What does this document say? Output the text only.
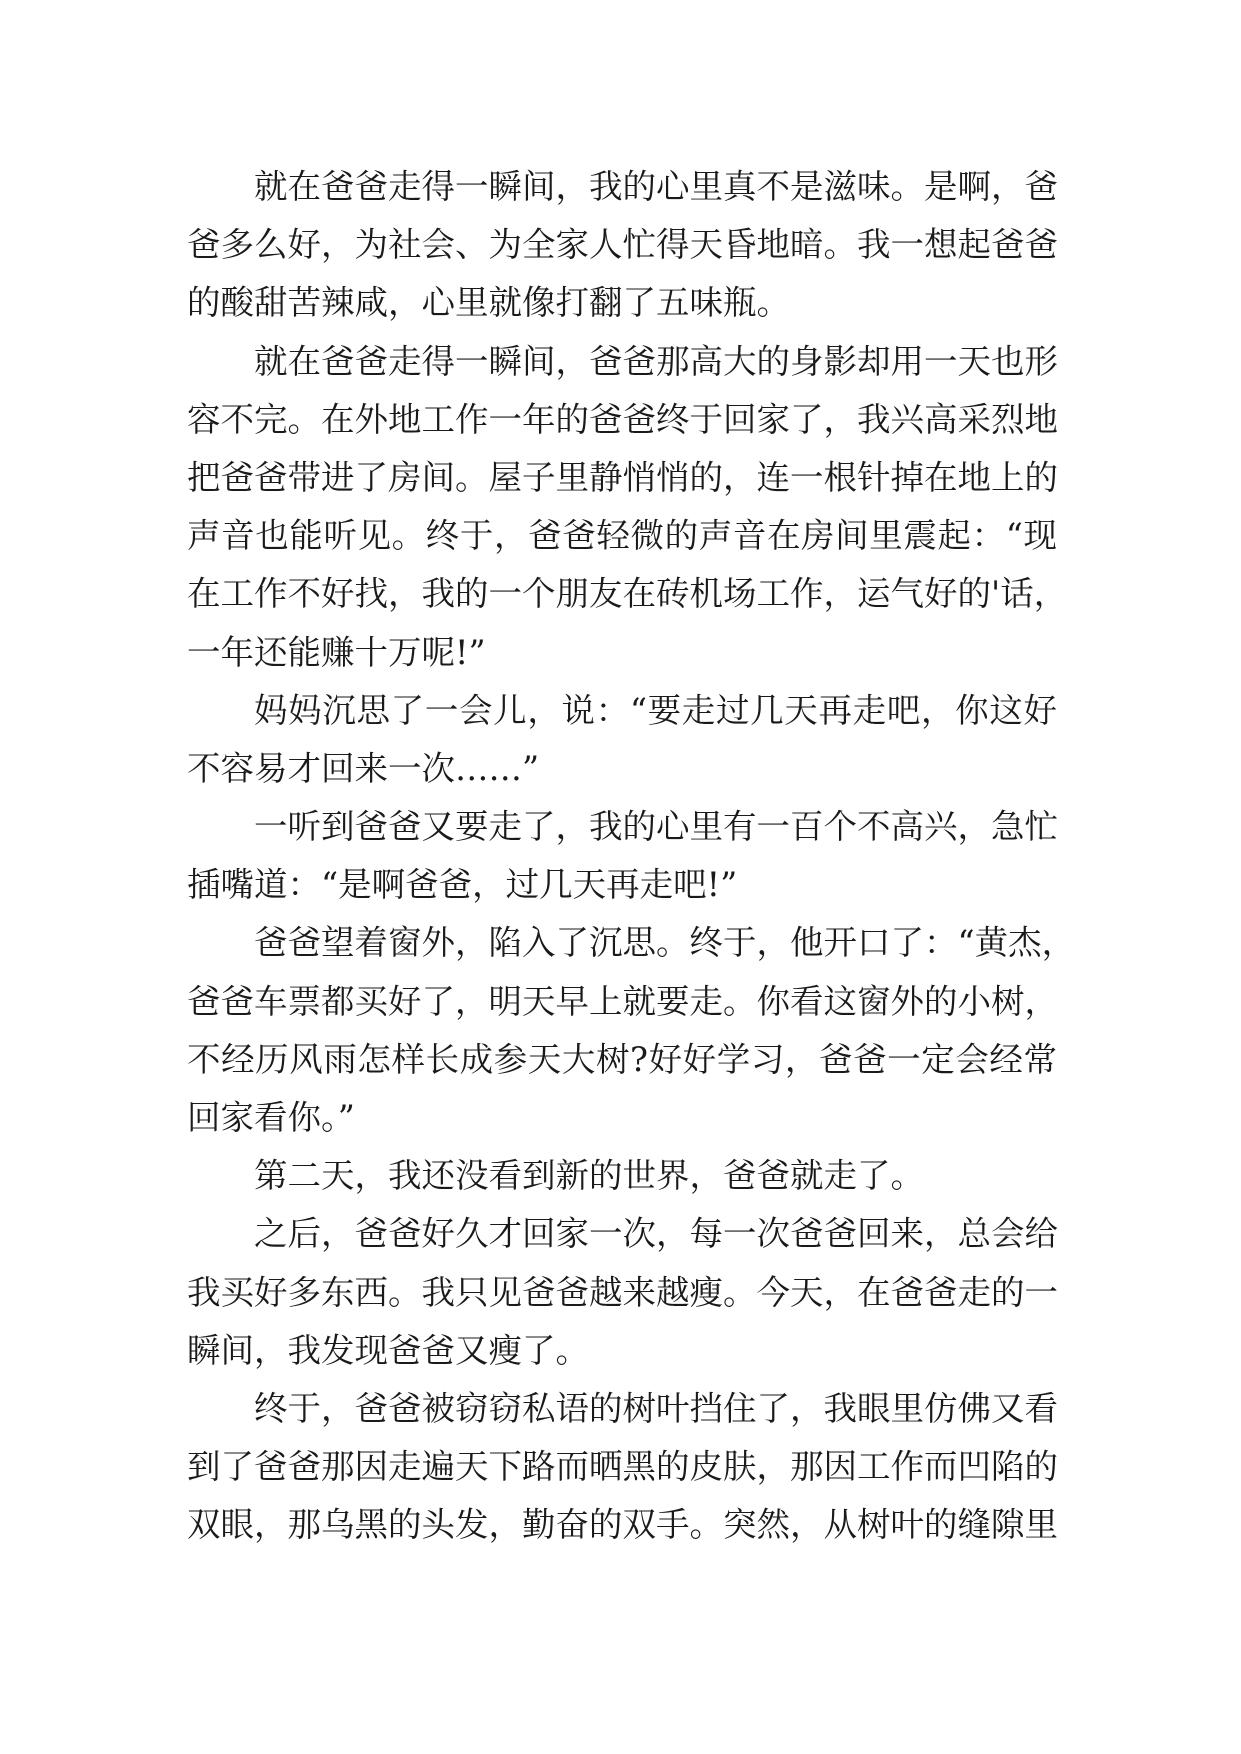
就在爸爸走得一瞬间，我的心里真不是滋味。是啊，爸
爸多么好，为社会、为全家人忙得天昏地暗。我一想起爸爸
的酸甜苦辣咸，心里就像打翻了五味瓶。
就在爸爸走得一瞬间，爸爸那高大的身影却用一天也形
容不完。在外地工作一年的爸爸终于回家了，我兴高采烈地
把爸爸带进了房间。屋子里静悄悄的，连一根针掉在地上的
声音也能听见。终于，爸爸轻微的声音在房间里震起：“现
在工作不好找，我的一个朋友在砖机场工作，运气好的'话，
一年还能赚十万呢!”
妈妈沉思了一会儿，说：“要走过几天再走吧，你这好
不容易才回来一次……”
一听到爸爸又要走了，我的心里有一百个不高兴，急忙
插嘴道：“是啊爸爸，过几天再走吧!”
爸爸望着窗外，陷入了沉思。终于，他开口了：“黄杰，
爸爸车票都买好了，明天早上就要走。你看这窗外的小树，
不经历风雨怎样长成参天大树?好好学习，爸爸一定会经常
回家看你。”
第二天，我还没看到新的世界，爸爸就走了。
之后，爸爸好久才回家一次，每一次爸爸回来，总会给
我买好多东西。我只见爸爸越来越瘦。今天，在爸爸走的一
瞬间，我发现爸爸又瘦了。
终于，爸爸被窃窃私语的树叶挡住了，我眼里仿佛又看
到了爸爸那因走遍天下路而晒黑的皮肤，那因工作而凹陷的
双眼，那乌黑的头发，勤奋的双手。突然，从树叶的缝隙里
